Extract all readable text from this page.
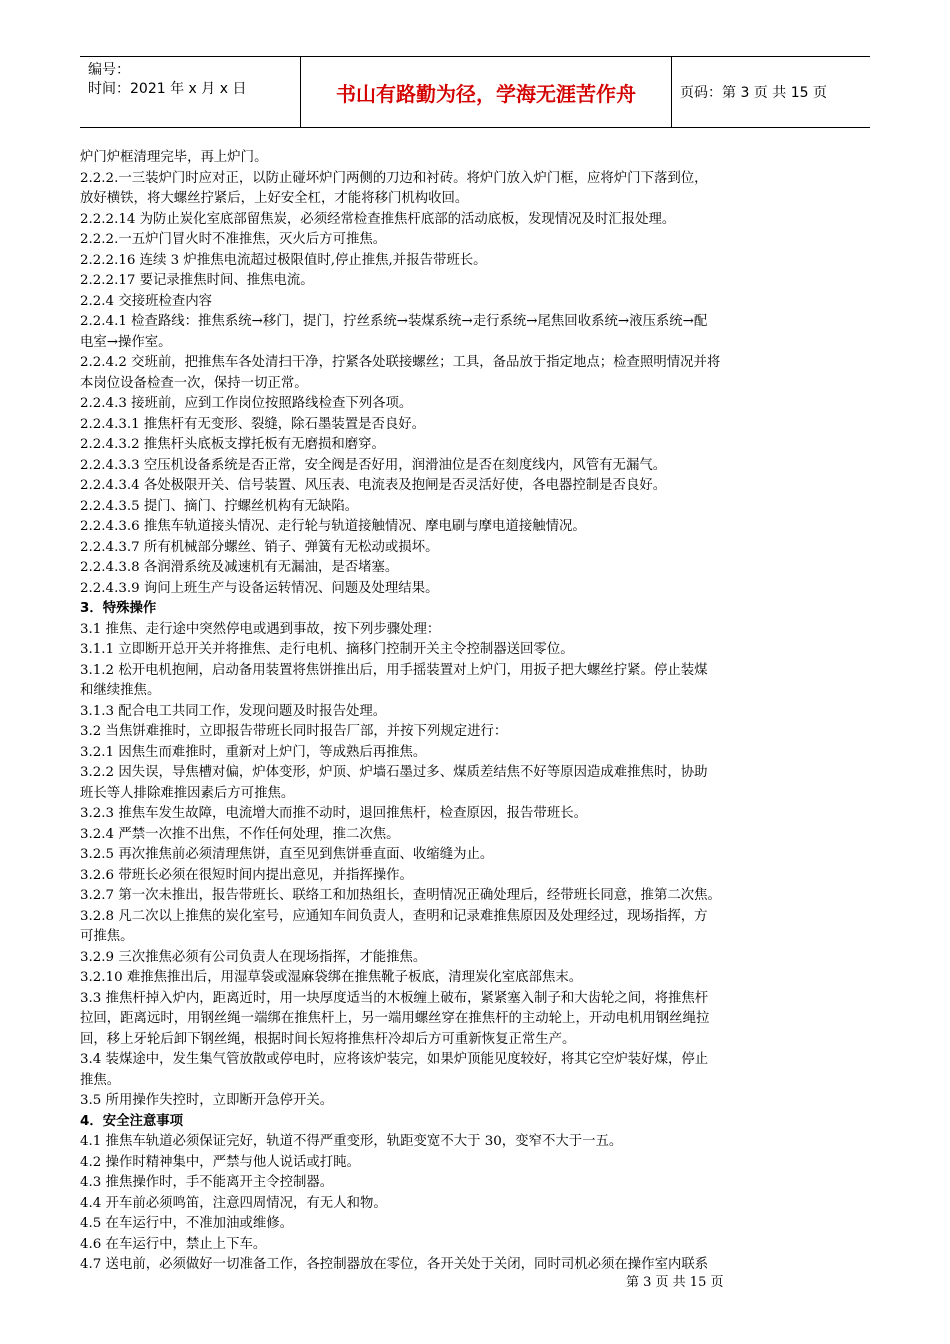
编号：
时间：2021 年 x 月 x 日	书山有路勤为径，学海无涯苦作舟	页码：第 3 页 共 15 页
炉门炉框清理完毕，再上炉门。
2.2.2.一三装炉门时应对正，以防止碰坏炉门两侧的刀边和衬砖。将炉门放入炉门框，应将炉门下落到位，
放好横铁，将大螺丝拧紧后，上好安全杠，才能将移门机构收回。
2.2.2.14 为防止炭化室底部留焦炭，必须经常检查推焦杆底部的活动底板，发现情况及时汇报处理。
2.2.2.一五炉门冒火时不准推焦，灭火后方可推焦。
2.2.2.16 连续 3 炉推焦电流超过极限值时,停止推焦,并报告带班长。
2.2.2.17 要记录推焦时间、推焦电流。
2.2.4 交接班检查内容
2.2.4.1 检查路线：推焦系统→移门，提门，拧丝系统→装煤系统→走行系统→尾焦回收系统→液压系统→配
电室→操作室。
2.2.4.2 交班前，把推焦车各处清扫干净，拧紧各处联接螺丝；工具，备品放于指定地点；检查照明情况并将
本岗位设备检查一次，保持一切正常。
2.2.4.3 接班前，应到工作岗位按照路线检查下列各项。
2.2.4.3.1 推焦杆有无变形、裂缝，除石墨装置是否良好。
2.2.4.3.2 推焦杆头底板支撑托板有无磨损和磨穿。
2.2.4.3.3 空压机设备系统是否正常，安全阀是否好用，润滑油位是否在刻度线内，风管有无漏气。
2.2.4.3.4 各处极限开关、信号装置、风压表、电流表及抱闸是否灵活好使，各电器控制是否良好。
2.2.4.3.5 提门、摘门、拧螺丝机构有无缺陷。
2.2.4.3.6 推焦车轨道接头情况、走行轮与轨道接触情况、摩电刷与摩电道接触情况。
2.2.4.3.7 所有机械部分螺丝、销子、弹簧有无松动或损坏。
2.2.4.3.8 各润滑系统及减速机有无漏油，是否堵塞。
2.2.4.3.9 询问上班生产与设备运转情况、问题及处理结果。
3．特殊操作
3.1 推焦、走行途中突然停电或遇到事故，按下列步骤处理：
3.1.1 立即断开总开关并将推焦、走行电机、摘移门控制开关主令控制器送回零位。
3.1.2 松开电机抱闸，启动备用装置将焦饼推出后，用手摇装置对上炉门，用扳子把大螺丝拧紧。停止装煤
和继续推焦。
3.1.3 配合电工共同工作，发现问题及时报告处理。
3.2 当焦饼难推时，立即报告带班长同时报告厂部，并按下列规定进行：
3.2.1 因焦生而难推时，重新对上炉门，等成熟后再推焦。
3.2.2 因失误，导焦槽对偏，炉体变形，炉顶、炉墙石墨过多、煤质差结焦不好等原因造成难推焦时，协助
班长等人排除难推因素后方可推焦。
3.2.3 推焦车发生故障，电流增大而推不动时，退回推焦杆，检查原因，报告带班长。
3.2.4 严禁一次推不出焦，不作任何处理，推二次焦。
3.2.5 再次推焦前必须清理焦饼，直至见到焦饼垂直面、收缩缝为止。
3.2.6 带班长必须在很短时间内提出意见，并指挥操作。
3.2.7 第一次未推出，报告带班长、联络工和加热组长，查明情况正确处理后，经带班长同意，推第二次焦。
3.2.8 凡二次以上推焦的炭化室号，应通知车间负责人，查明和记录难推焦原因及处理经过，现场指挥，方
可推焦。
3.2.9 三次推焦必须有公司负责人在现场指挥，才能推焦。
3.2.10 难推焦推出后，用湿草袋或湿麻袋绑在推焦靴子板底，清理炭化室底部焦末。
3.3 推焦杆掉入炉内，距离近时，用一块厚度适当的木板缠上破布，紧紧塞入制子和大齿轮之间，将推焦杆
拉回，距离远时，用钢丝绳一端绑在推焦杆上，另一端用螺丝穿在推焦杆的主动轮上，开动电机用钢丝绳拉
回，移上牙轮后卸下钢丝绳，根据时间长短将推焦杆冷却后方可重新恢复正常生产。
3.4 装煤途中，发生集气管放散或停电时，应将该炉装完，如果炉顶能见度较好，将其它空炉装好煤，停止
推焦。
3.5 所用操作失控时，立即断开急停开关。
4．安全注意事项
4.1 推焦车轨道必须保证完好，轨道不得严重变形，轨距变宽不大于 30，变窄不大于一五。
4.2 操作时精神集中，严禁与他人说话或打盹。
4.3 推焦操作时，手不能离开主令控制器。
4.4 开车前必须鸣笛，注意四周情况，有无人和物。
4.5 在车运行中，不准加油或维修。
4.6 在车运行中，禁止上下车。
4.7 送电前，必须做好一切准备工作，各控制器放在零位，各开关处于关闭，同时司机必须在操作室内联系
第 3 页 共 15 页
